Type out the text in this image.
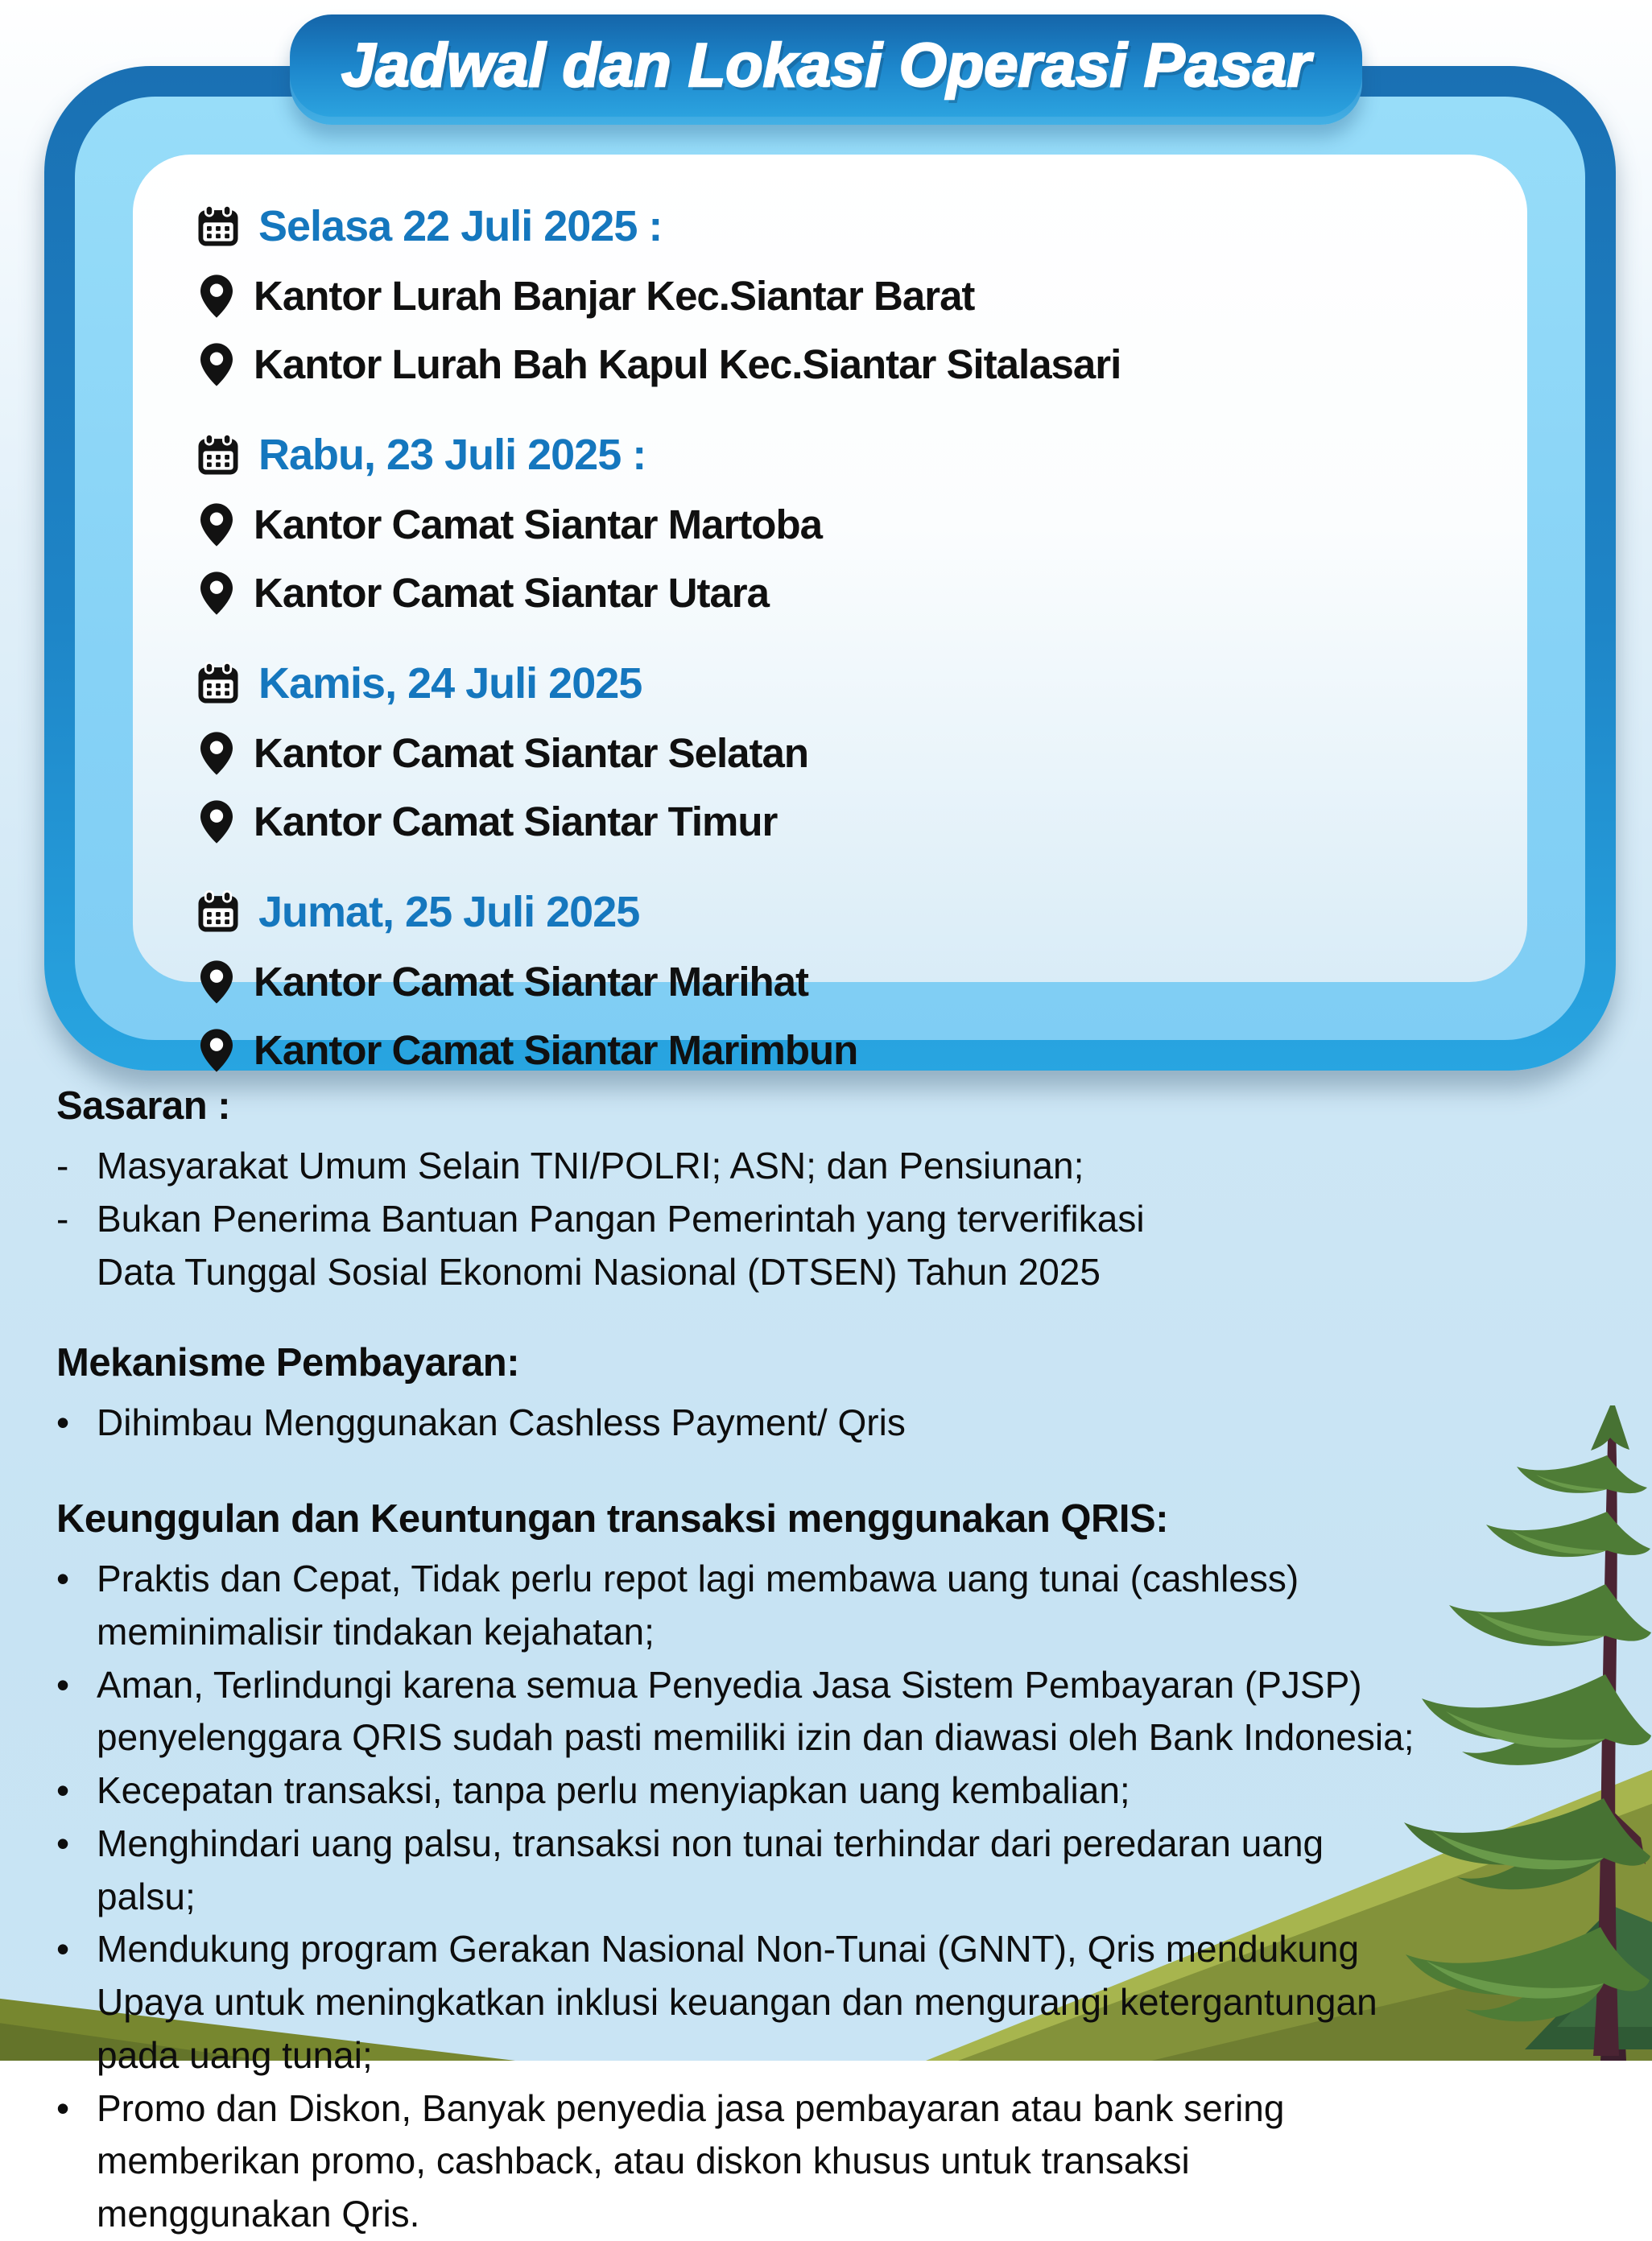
Selasa 22 Juli 2025 :
Kantor Lurah Banjar Kec.Siantar Barat
Kantor Lurah Bah Kapul Kec.Siantar Sitalasari
Rabu, 23 Juli 2025 :
Kantor Camat Siantar Martoba
Kantor Camat Siantar Utara
Kamis, 24 Juli 2025
Kantor Camat Siantar Selatan
Kantor Camat Siantar Timur
Jumat, 25 Juli 2025
Kantor Camat Siantar Marihat
Kantor Camat Siantar Marimbun
Jadwal dan Lokasi Operasi Pasar

Sasaran :

- Masyarakat Umum Selain TNI/POLRI; ASN; dan Pensiunan;
- Bukan Penerima Bantuan Pangan Pemerintah yang terverifikasi
Data Tunggal Sosial Ekonomi Nasional (DTSEN) Tahun 2025

Mekanisme Pembayaran:

• Dihimbau Menggunakan Cashless Payment/ Qris

Keunggulan dan Keuntungan transaksi menggunakan QRIS:

• Praktis dan Cepat, Tidak perlu repot lagi membawa uang tunai (cashless)
meminimalisir tindakan kejahatan;
• Aman, Terlindungi karena semua Penyedia Jasa Sistem Pembayaran (PJSP)
penyelenggara QRIS sudah pasti memiliki izin dan diawasi oleh Bank Indonesia;
• Kecepatan transaksi, tanpa perlu menyiapkan uang kembalian;
• Menghindari uang palsu, transaksi non tunai terhindar dari peredaran uang
palsu;
• Mendukung program Gerakan Nasional Non-Tunai (GNNT), Qris mendukung
Upaya untuk meningkatkan inklusi keuangan dan mengurangi ketergantungan
pada uang tunai;
• Promo dan Diskon, Banyak penyedia jasa pembayaran atau bank sering
memberikan promo, cashback, atau diskon khusus untuk transaksi
menggunakan Qris.
